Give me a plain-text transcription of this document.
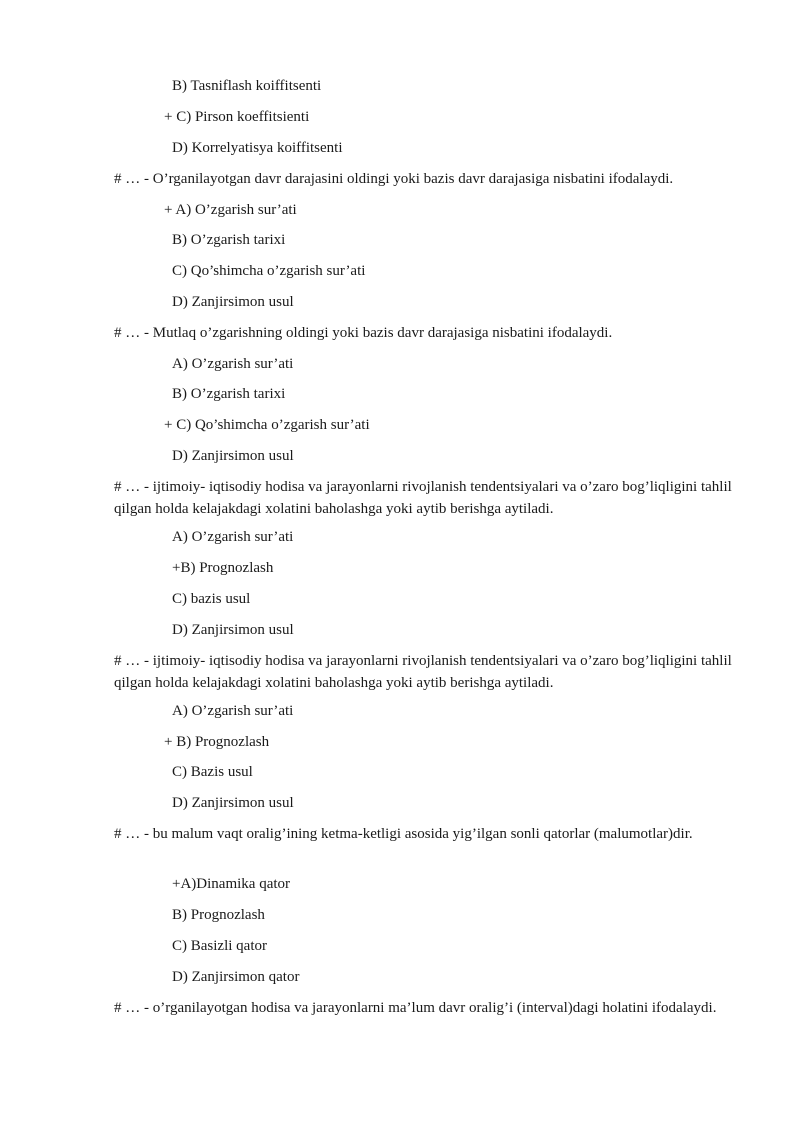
B) Tasniflash koiffitsenti
+ C) Pirson koeffitsienti
D) Korrelyatisya koiffitsenti
# … - O’rganilayotgan davr darajasini oldingi yoki bazis davr darajasiga nisbatini ifodalaydi.
+ A) O’zgarish sur’ati
B) O’zgarish tarixi
C) Qo’shimcha o’zgarish sur’ati
D) Zanjirsimon usul
# … - Mutlaq o’zgarishning oldingi yoki bazis davr darajasiga nisbatini ifodalaydi.
A) O’zgarish sur’ati
B) O’zgarish tarixi
+ C) Qo’shimcha o’zgarish sur’ati
D) Zanjirsimon usul
# … - ijtimoiy- iqtisodiy hodisa va jarayonlarni rivojlanish tendentsiyalari va o’zaro bog’liqligini tahlil qilgan holda kelajakdagi xolatini baholashga yoki aytib berishga aytiladi.
A) O’zgarish sur’ati
+B) Prognozlash
C) bazis usul
D) Zanjirsimon usul
# … - ijtimoiy- iqtisodiy hodisa va jarayonlarni rivojlanish tendentsiyalari va o’zaro bog’liqligini tahlil qilgan holda kelajakdagi xolatini baholashga yoki aytib berishga aytiladi.
A) O’zgarish sur’ati
+ B) Prognozlash
C) Bazis usul
D) Zanjirsimon usul
# … - bu malum vaqt oralig’ining ketma-ketligi asosida yig’ilgan sonli qatorlar (malumotlar)dir.
+A)Dinamika qator
B) Prognozlash
C) Basizli qator
D) Zanjirsimon qator
# … - o’rganilayotgan hodisa va jarayonlarni ma’lum davr oralig’i (interval)dagi holatini ifodalaydi.
